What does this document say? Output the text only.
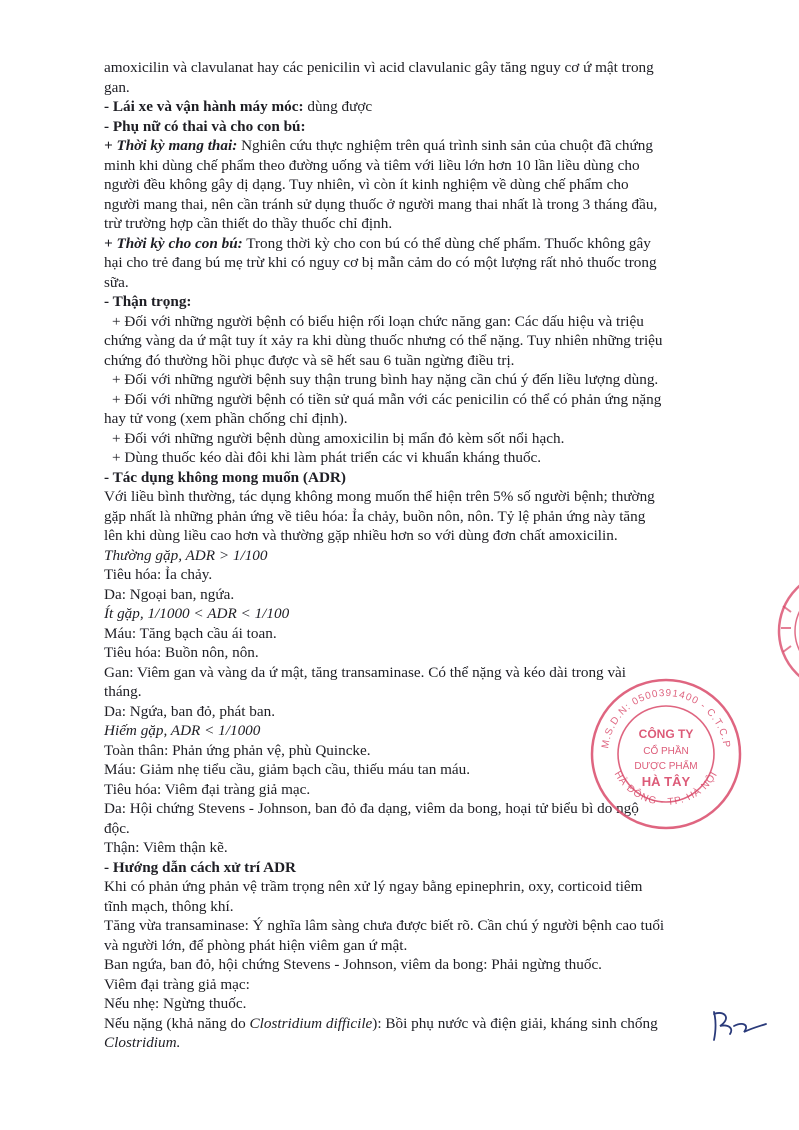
amoxicilin và clavulanat hay các penicilin vì acid clavulanic gây tăng nguy cơ ứ mật trong

gan.

- Lái xe và vận hành máy móc: dùng được

- Phụ nữ có thai và cho con bú:

+ Thời kỳ mang thai: Nghiên cứu thực nghiệm trên quá trình sinh sản của chuột đã chứng

minh khi dùng chế phẩm theo đường uống và tiêm với liều lớn hơn 10 lần liều dùng cho

người đều không gây dị dạng. Tuy nhiên, vì còn ít kinh nghiệm về dùng chế phẩm cho

người mang thai, nên cần tránh sử dụng thuốc ở người mang thai nhất là trong 3 tháng đầu,

trừ trường hợp cần thiết do thầy thuốc chỉ định.

+ Thời kỳ cho con bú: Trong thời kỳ cho con bú có thể dùng chế phẩm. Thuốc không gây

hại cho trẻ đang bú mẹ trừ khi có nguy cơ bị mẫn cảm do có một lượng rất nhỏ thuốc trong

sữa.

- Thận trọng:

+ Đối với những người bệnh có biểu hiện rối loạn chức năng gan: Các dấu hiệu và triệu

chứng vàng da ứ mật tuy ít xảy ra khi dùng thuốc nhưng có thể nặng. Tuy nhiên những triệu

chứng đó thường hồi phục được và sẽ hết sau 6 tuần ngừng điều trị.

+ Đối với những người bệnh suy thận trung bình hay nặng cần chú ý đến liều lượng dùng.

+ Đối với những người bệnh có tiền sử quá mẫn với các penicilin có thể có phản ứng nặng

hay tử vong (xem phần chống chỉ định).

+ Đối với những người bệnh dùng amoxicilin bị mẩn đỏ kèm sốt nổi hạch.

+ Dùng thuốc kéo dài đôi khi làm phát triển các vi khuẩn kháng thuốc.

- Tác dụng không mong muốn (ADR)

Với liều bình thường, tác dụng không mong muốn thể hiện trên 5% số người bệnh; thường

gặp nhất là những phản ứng về tiêu hóa: Ỉa chảy, buồn nôn, nôn. Tỷ lệ phản ứng này tăng

lên khi dùng liều cao hơn và thường gặp nhiều hơn so với dùng đơn chất amoxicilin.

Thường gặp, ADR > 1/100

Tiêu hóa: Ỉa chảy.

Da: Ngoại ban, ngứa.

Ít gặp, 1/1000 < ADR < 1/100

Máu: Tăng bạch cầu ái toan.

Tiêu hóa: Buồn nôn, nôn.

Gan: Viêm gan và vàng da ứ mật, tăng transaminase. Có thể nặng và kéo dài trong vài

tháng.

Da: Ngứa, ban đỏ, phát ban.

Hiếm gặp, ADR < 1/1000

Toàn thân: Phản ứng phản vệ, phù Quincke.

Máu: Giảm nhẹ tiểu cầu, giảm bạch cầu, thiếu máu tan máu.

Tiêu hóa: Viêm đại tràng giả mạc.

Da: Hội chứng Stevens - Johnson, ban đỏ đa dạng, viêm da bong, hoại tử biểu bì do ngộ

độc.

Thận: Viêm thận kẽ.

- Hướng dẫn cách xử trí ADR

Khi có phản ứng phản vệ trầm trọng nên xử lý ngay bằng epinephrin, oxy, corticoid tiêm

tĩnh mạch, thông khí.

Tăng vừa transaminase: Ý nghĩa lâm sàng chưa được biết rõ. Cần chú ý người bệnh cao tuổi

và người lớn, để phòng phát hiện viêm gan ứ mật.

Ban ngứa, ban đỏ, hội chứng Stevens - Johnson, viêm da bong: Phải ngừng thuốc.

Viêm đại tràng giả mạc:

Nếu nhẹ: Ngừng thuốc.

Nếu nặng (khả năng do Clostridium difficile): Bồi phụ nước và điện giải, kháng sinh chống

Clostridium.

M.S.D.N: 0500391400 - C.T.C.P
HÀ ĐÔNG - TP. HÀ NỘI
CÔNG TY
CỔ PHẦN
DƯỢC PHẨM
HÀ TÂY
